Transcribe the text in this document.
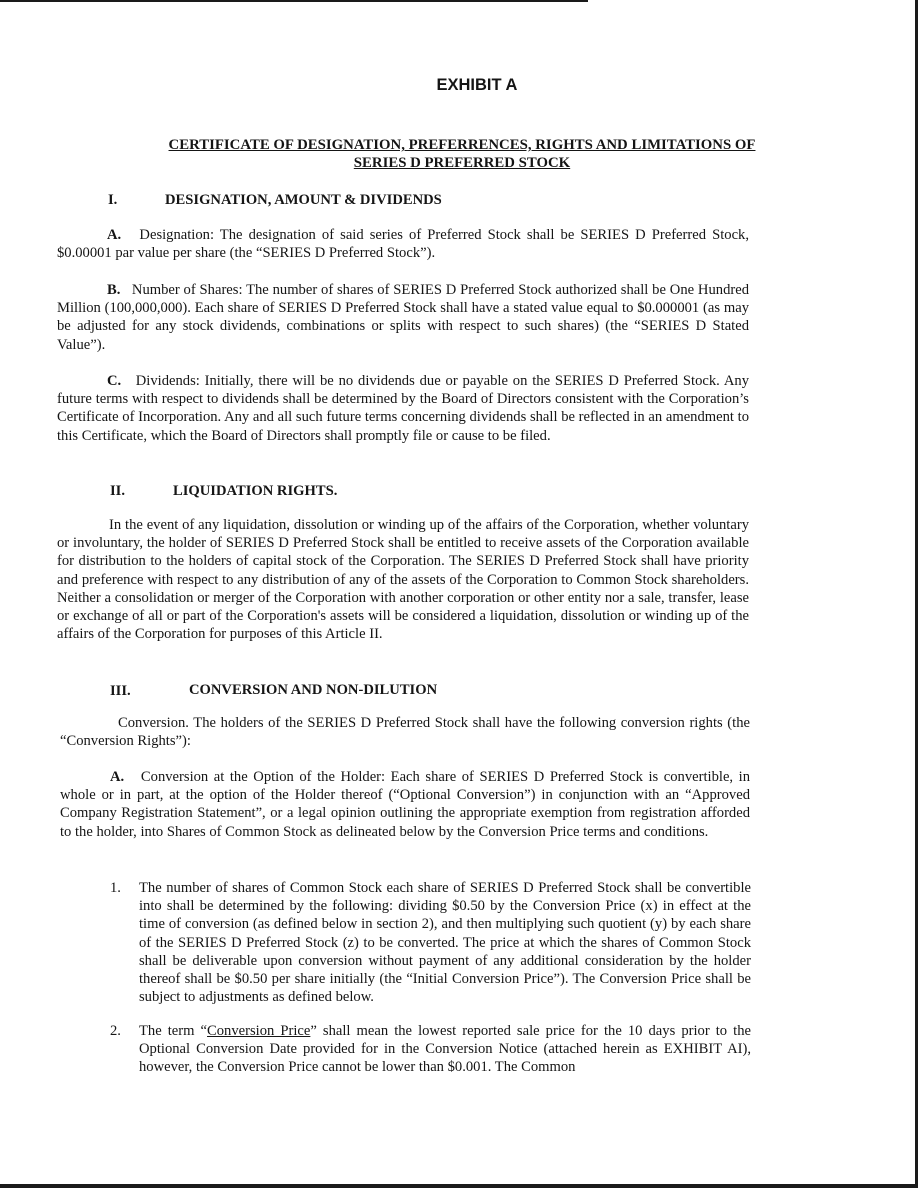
EXHIBIT A
CERTIFICATE OF DESIGNATION, PREFERRENCES, RIGHTS AND LIMITATIONS OF
SERIES D PREFERRED STOCK
I.	DESIGNATION, AMOUNT & DIVIDENDS
A. Designation: The designation of said series of Preferred Stock shall be SERIES D Preferred Stock, $0.00001 par value per share (the “SERIES D Preferred Stock”).
B. Number of Shares: The number of shares of SERIES D Preferred Stock authorized shall be One Hundred Million (100,000,000). Each share of SERIES D Preferred Stock shall have a stated value equal to $0.000001 (as may be adjusted for any stock dividends, combinations or splits with respect to such shares) (the “SERIES D Stated Value”).
C. Dividends: Initially, there will be no dividends due or payable on the SERIES D Preferred Stock. Any future terms with respect to dividends shall be determined by the Board of Directors consistent with the Corporation’s Certificate of Incorporation. Any and all such future terms concerning dividends shall be reflected in an amendment to this Certificate, which the Board of Directors shall promptly file or cause to be filed.
II.	LIQUIDATION RIGHTS.
In the event of any liquidation, dissolution or winding up of the affairs of the Corporation, whether voluntary or involuntary, the holder of SERIES D Preferred Stock shall be entitled to receive assets of the Corporation available for distribution to the holders of capital stock of the Corporation. The SERIES D Preferred Stock shall have priority and preference with respect to any distribution of any of the assets of the Corporation to Common Stock shareholders. Neither a consolidation or merger of the Corporation with another corporation or other entity nor a sale, transfer, lease or exchange of all or part of the Corporation's assets will be considered a liquidation, dissolution or winding up of the affairs of the Corporation for purposes of this Article II.
III.	CONVERSION AND NON-DILUTION
Conversion. The holders of the SERIES D Preferred Stock shall have the following conversion rights (the “Conversion Rights”):
A. Conversion at the Option of the Holder: Each share of SERIES D Preferred Stock is convertible, in whole or in part, at the option of the Holder thereof (“Optional Conversion”) in conjunction with an “Approved Company Registration Statement”, or a legal opinion outlining the appropriate exemption from registration afforded to the holder, into Shares of Common Stock as delineated below by the Conversion Price terms and conditions.
1. The number of shares of Common Stock each share of SERIES D Preferred Stock shall be convertible into shall be determined by the following: dividing $0.50 by the Conversion Price (x) in effect at the time of conversion (as defined below in section 2), and then multiplying such quotient (y) by each share of the SERIES D Preferred Stock (z) to be converted. The price at which the shares of Common Stock shall be deliverable upon conversion without payment of any additional consideration by the holder thereof shall be $0.50 per share initially (the “Initial Conversion Price”). The Conversion Price shall be subject to adjustments as defined below.
2. The term “Conversion Price” shall mean the lowest reported sale price for the 10 days prior to the Optional Conversion Date provided for in the Conversion Notice (attached herein as EXHIBIT AI), however, the Conversion Price cannot be lower than $0.001. The Common
